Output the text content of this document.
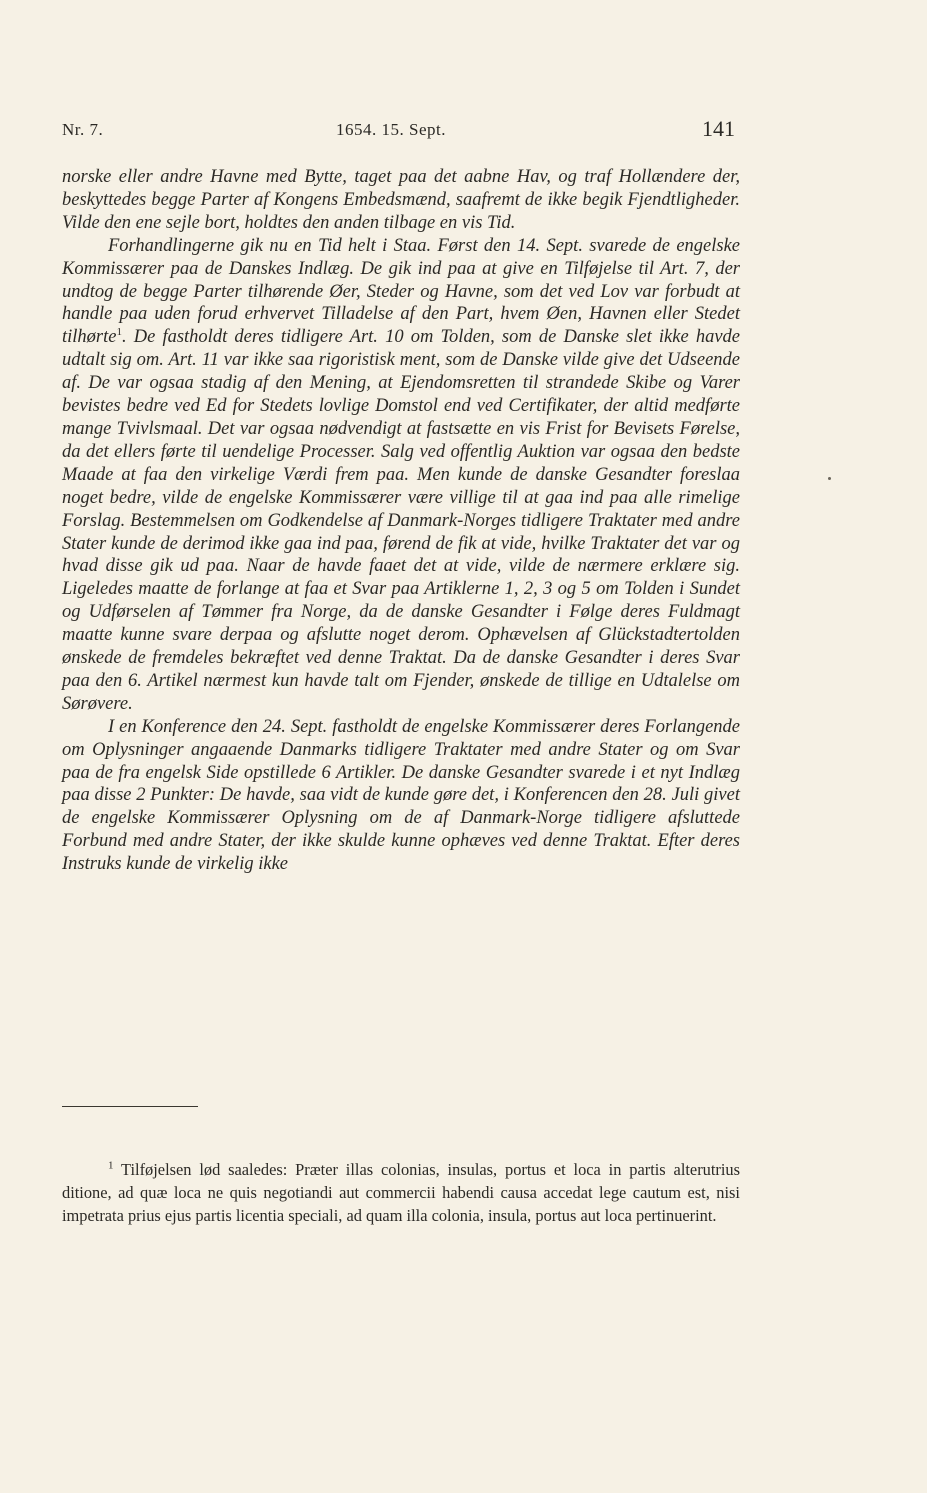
Nr. 7.	1654. 15. Sept.	141

norske eller andre Havne med Bytte, taget paa det aabne Hav, og traf Hollændere der, beskyttedes begge Parter af Kongens Embedsmænd, saafremt de ikke begik Fjendtligheder. Vilde den ene sejle bort, holdtes den anden tilbage en vis Tid.

Forhandlingerne gik nu en Tid helt i Staa. Først den 14. Sept. svarede de engelske Kommissærer paa de Danskes Indlæg. De gik ind paa at give en Tilføjelse til Art. 7, der undtog de begge Parter tilhørende Øer, Steder og Havne, som det ved Lov var forbudt at handle paa uden forud erhvervet Tilladelse af den Part, hvem Øen, Havnen eller Stedet tilhørte$^1$. De fastholdt deres tidligere Art. 10 om Tolden, som de Danske slet ikke havde udtalt sig om. Art. 11 var ikke saa rigoristisk ment, som de Danske vilde give det Udseende af. De var ogsaa stadig af den Mening, at Ejendomsretten til strandede Skibe og Varer bevistes bedre ved Ed for Stedets lovlige Domstol end ved Certifikater, der altid medførte mange Tvivlsmaal. Det var ogsaa nødvendigt at fastsætte en vis Frist for Bevisets Førelse, da det ellers førte til uendelige Processer. Salg ved offentlig Auktion var ogsaa den bedste Maade at faa den virkelige Værdi frem paa. Men kunde de danske Gesandter foreslaa noget bedre, vilde de engelske Kommissærer være villige til at gaa ind paa alle rimelige Forslag. Bestemmelsen om Godkendelse af Danmark-Norges tidligere Traktater med andre Stater kunde de derimod ikke gaa ind paa, førend de fik at vide, hvilke Traktater det var og hvad disse gik ud paa. Naar de havde faaet det at vide, vilde de nærmere erklære sig. Ligeledes maatte de forlange at faa et Svar paa Artiklerne 1, 2, 3 og 5 om Tolden i Sundet og Udførselen af Tømmer fra Norge, da de danske Gesandter i Følge deres Fuldmagt maatte kunne svare derpaa og afslutte noget derom. Ophævelsen af Glückstadtertolden ønskede de fremdeles bekræftet ved denne Traktat. Da de danske Gesandter i deres Svar paa den 6. Artikel nærmest kun havde talt om Fjender, ønskede de tillige en Udtalelse om Sørøvere.

I en Konference den 24. Sept. fastholdt de engelske Kommissærer deres Forlangende om Oplysninger angaaende Danmarks tidligere Traktater med andre Stater og om Svar paa de fra engelsk Side opstillede 6 Artikler. De danske Gesandter svarede i et nyt Indlæg paa disse 2 Punkter: De havde, saa vidt de kunde gøre det, i Konferencen den 28. Juli givet de engelske Kommissærer Oplysning om de af Danmark-Norge tidligere afsluttede Forbund med andre Stater, der ikke skulde kunne ophæves ved denne Traktat. Efter deres Instruks kunde de virkelig ikke

$^1$ Tilføjelsen lød saaledes: Præter illas colonias, insulas, portus et loca in partis alterutrius ditione, ad quæ loca ne quis negotiandi aut commercii habendi causa accedat lege cautum est, nisi impetrata prius ejus partis licentia speciali, ad quam illa colonia, insula, portus aut loca pertinuerint.
